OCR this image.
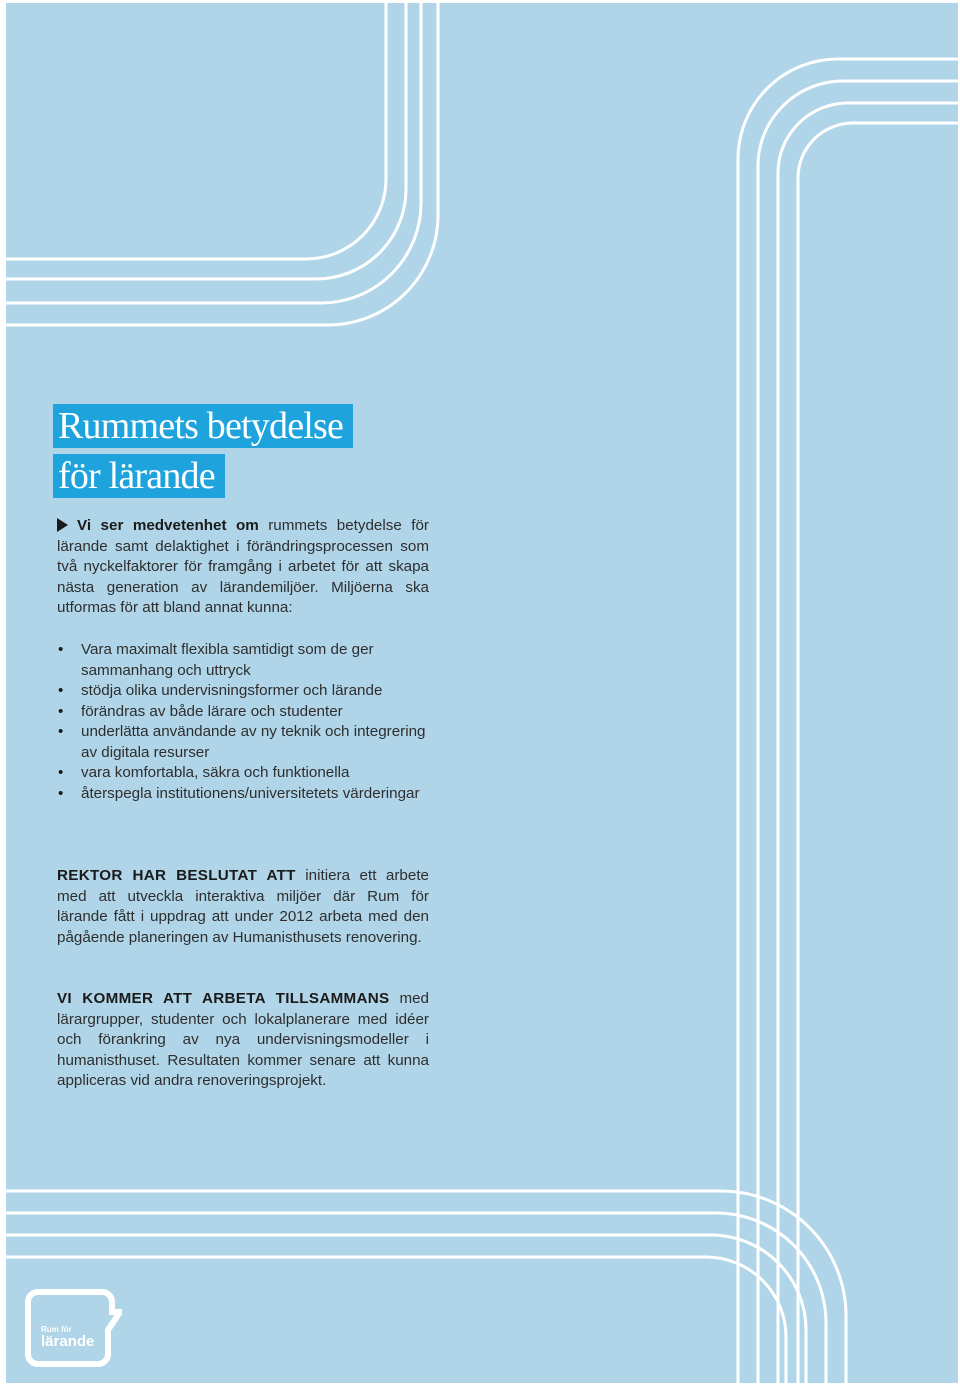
Rummets betydelse
för lärande

Vi ser medvetenhet om rummets betydelse för lärande samt delaktighet i förändringsprocessen som två nyckelfaktorer för framgång i arbetet för att skapa nästa generation av lärandemiljöer. Miljöerna ska utformas för att bland annat kunna:

• Vara maximalt flexibla samtidigt som de ger sammanhang och uttryck
• stödja olika undervisningsformer och lärande
• förändras av både lärare och studenter
• underlätta användande av ny teknik och integrering av digitala resurser
• vara komfortabla, säkra och funktionella
• återspegla institutionens/universitetets värderingar

REKTOR HAR BESLUTAT ATT initiera ett arbete med att utveckla interaktiva miljöer där Rum för lärande fått i uppdrag att under 2012 arbeta med den pågående planeringen av Humanisthusets renovering.

VI KOMMER ATT ARBETA TILLSAMMANS med lärargrupper, studenter och lokalplanerare med idéer och förankring av nya undervisningsmodeller i humanisthuset. Resultaten kommer senare att kunna appliceras vid andra renoveringsprojekt.

Rum för
lärande
